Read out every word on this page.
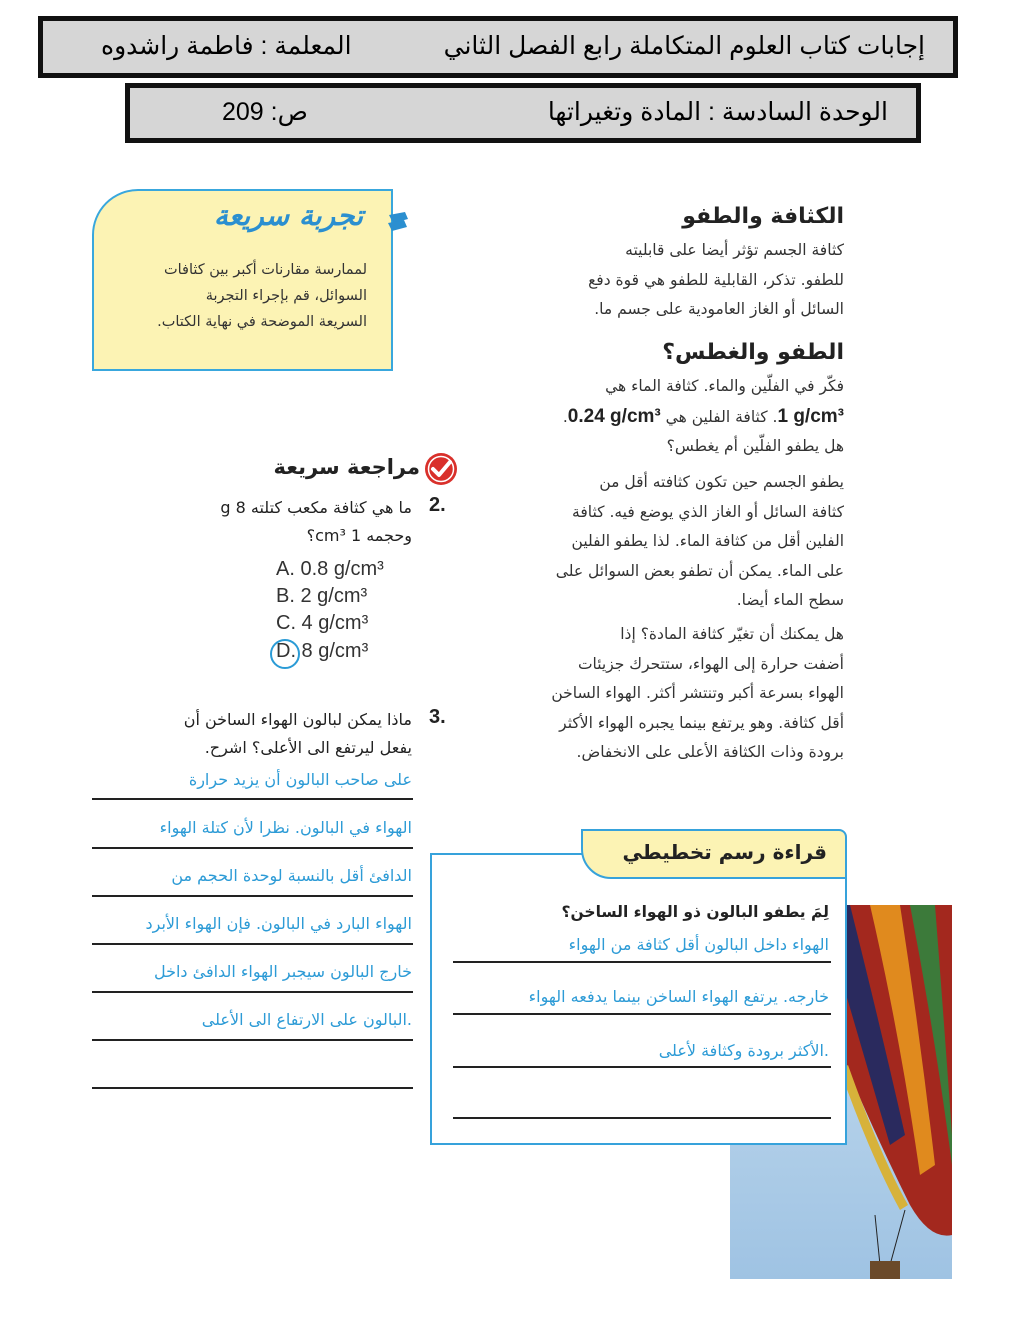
إجابات كتاب العلوم المتكاملة رابع الفصل الثاني
المعلمة : فاطمة راشدوه
الوحدة السادسة : المادة وتغيراتها
ص: 209
الكثافة والطفو
كثافة الجسم تؤثر أيضا على قابليته
للطفو. تذكر، القابلية للطفو هي قوة دفع
السائل أو الغاز العامودية على جسم ما.
الطفو والغطس؟
فكّر في الفلّين والماء. كثافة الماء هي
1 g/cm³. كثافة الفلين هي 0.24 g/cm³.
هل يطفو الفلّين أم يغطس؟
يطفو الجسم حين تكون كثافته أقل من
كثافة السائل أو الغاز الذي يوضع فيه. كثافة
الفلين أقل من كثافة الماء. لذا يطفو الفلين
على الماء. يمكن أن تطفو بعض السوائل على
سطح الماء أيضا.
هل يمكنك أن تغيّر كثافة المادة؟ إذا
أضفت حرارة إلى الهواء، ستتحرك جزيئات
الهواء بسرعة أكبر وتنتشر أكثر. الهواء الساخن
أقل كثافة. وهو يرتفع بينما يجبره الهواء الأكثر
برودة وذات الكثافة الأعلى على الانخفاض.
تجربة سريعة
لممارسة مقارنات أكبر بين كثافات
السوائل، قم بإجراء التجربة
السريعة الموضحة في نهاية الكتاب.
مراجعة سريعة
2.
ما هي كثافة مكعب كتلته 8 g
وحجمه 1 cm³؟
A. 0.8 g/cm³
B. 2 g/cm³
C. 4 g/cm³
D. 8 g/cm³
3.
ماذا يمكن لبالون الهواء الساخن أن
يفعل ليرتفع الى الأعلى؟ اشرح.
على صاحب البالون أن يزيد حرارة
الهواء في البالون. نظرا لأن كتلة الهواء
الدافئ أقل بالنسبة لوحدة الحجم من
الهواء البارد في البالون. فإن الهواء الأبرد
خارج البالون سيجبر الهواء الدافئ داخل
البالون على الارتفاع الى الأعلى.
قراءة رسم تخطيطي
لِمَ يطفو البالون ذو الهواء الساخن؟
الهواء داخل البالون أقل كثافة من الهواء
خارجه. يرتفع الهواء الساخن بينما يدفعه الهواء
الأكثر برودة وكثافة لأعلى.
